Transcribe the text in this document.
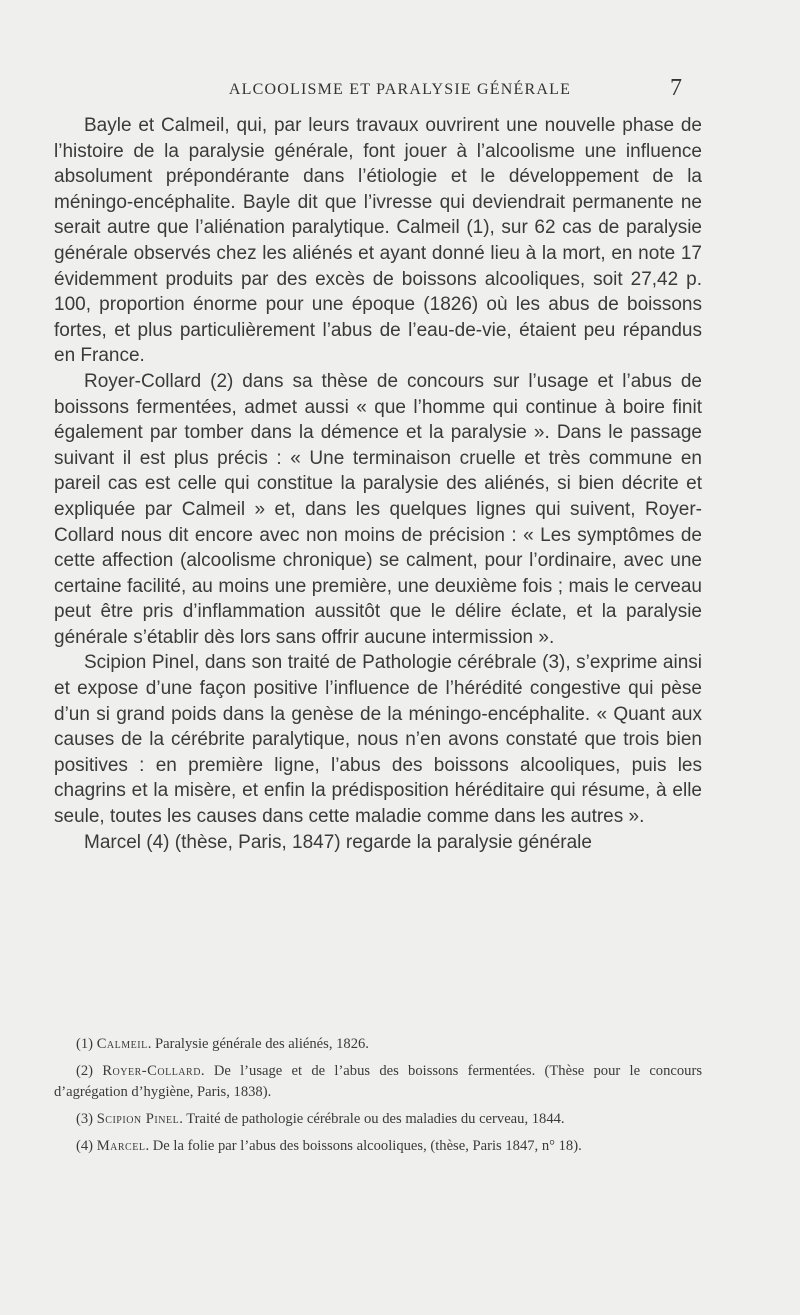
ALCOOLISME ET PARALYSIE GÉNÉRALE	7

Bayle et Calmeil, qui, par leurs travaux ouvrirent une nouvelle phase de l’histoire de la paralysie générale, font jouer à l’alcoolisme une influence absolument prépondérante dans l’étiologie et le développement de la méningo-encéphalite. Bayle dit que l’ivresse qui deviendrait permanente ne serait autre que l’aliénation paralytique. Calmeil (1), sur 62 cas de paralysie générale observés chez les aliénés et ayant donné lieu à la mort, en note 17 évidemment produits par des excès de boissons alcooliques, soit 27,42 p. 100, proportion énorme pour une époque (1826) où les abus de boissons fortes, et plus particulièrement l’abus de l’eau-de-vie, étaient peu répandus en France.

Royer-Collard (2) dans sa thèse de concours sur l’usage et l’abus de boissons fermentées, admet aussi « que l’homme qui continue à boire finit également par tomber dans la démence et la paralysie ». Dans le passage suivant il est plus précis : « Une terminaison cruelle et très commune en pareil cas est celle qui constitue la paralysie des aliénés, si bien décrite et expliquée par Calmeil » et, dans les quelques lignes qui suivent, Royer-Collard nous dit encore avec non moins de précision : « Les symptômes de cette affection (alcoolisme chronique) se calment, pour l’ordinaire, avec une certaine facilité, au moins une première, une deuxième fois ; mais le cerveau peut être pris d’inflammation aussitôt que le délire éclate, et la paralysie générale s’établir dès lors sans offrir aucune intermission ».

Scipion Pinel, dans son traité de Pathologie cérébrale (3), s’exprime ainsi et expose d’une façon positive l’influence de l’hérédité congestive qui pèse d’un si grand poids dans la genèse de la méningo-encéphalite. « Quant aux causes de la cérébrite paralytique, nous n’en avons constaté que trois bien positives : en première ligne, l’abus des boissons alcooliques, puis les chagrins et la misère, et enfin la prédisposition héréditaire qui résume, à elle seule, toutes les causes dans cette maladie comme dans les autres ».

Marcel (4) (thèse, Paris, 1847) regarde la paralysie générale

(1) Calmeil. Paralysie générale des aliénés, 1826.

(2) Royer-Collard. De l’usage et de l’abus des boissons fermentées. (Thèse pour le concours d’agrégation d’hygiène, Paris, 1838).

(3) Scipion Pinel. Traité de pathologie cérébrale ou des maladies du cerveau, 1844.

(4) Marcel. De la folie par l’abus des boissons alcooliques, (thèse, Paris 1847, n° 18).
